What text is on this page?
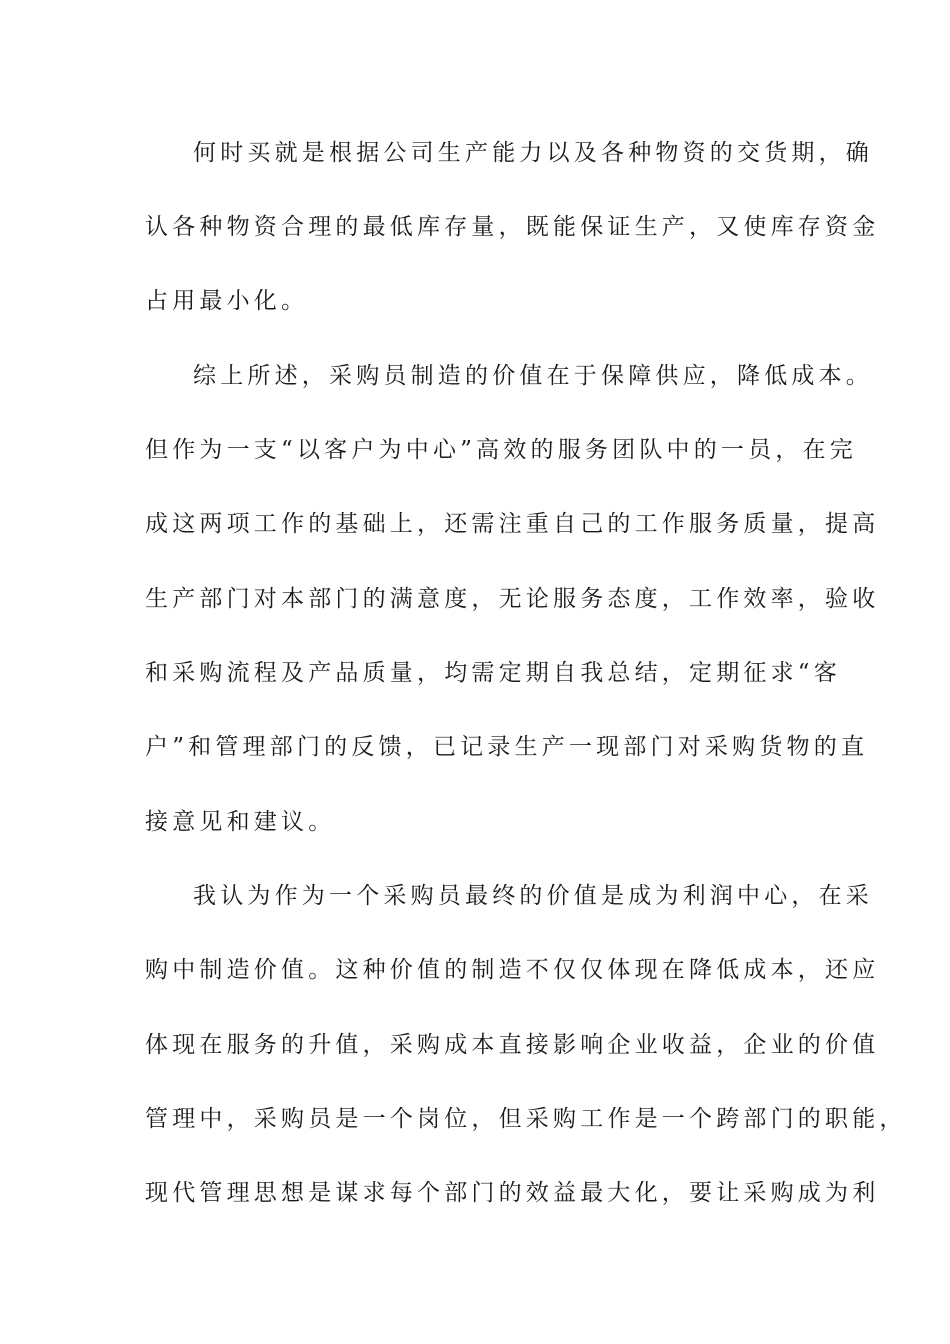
何时买就是根据公司生产能力以及各种物资的交货期，确
认各种物资合理的最低库存量，既能保证生产，又使库存资金
占用最小化。
综上所述，采购员制造的价值在于保障供应，降低成本。
但作为一支“以客户为中心”高效的服务团队中的一员，在完
成这两项工作的基础上，还需注重自己的工作服务质量，提高
生产部门对本部门的满意度，无论服务态度，工作效率，验收
和采购流程及产品质量，均需定期自我总结，定期征求“客
户”和管理部门的反馈，已记录生产一现部门对采购货物的直
接意见和建议。
我认为作为一个采购员最终的价值是成为利润中心，在采
购中制造价值。这种价值的制造不仅仅体现在降低成本，还应
体现在服务的升值，采购成本直接影响企业收益，企业的价值
管理中，采购员是一个岗位，但采购工作是一个跨部门的职能，
现代管理思想是谋求每个部门的效益最大化，要让采购成为利
